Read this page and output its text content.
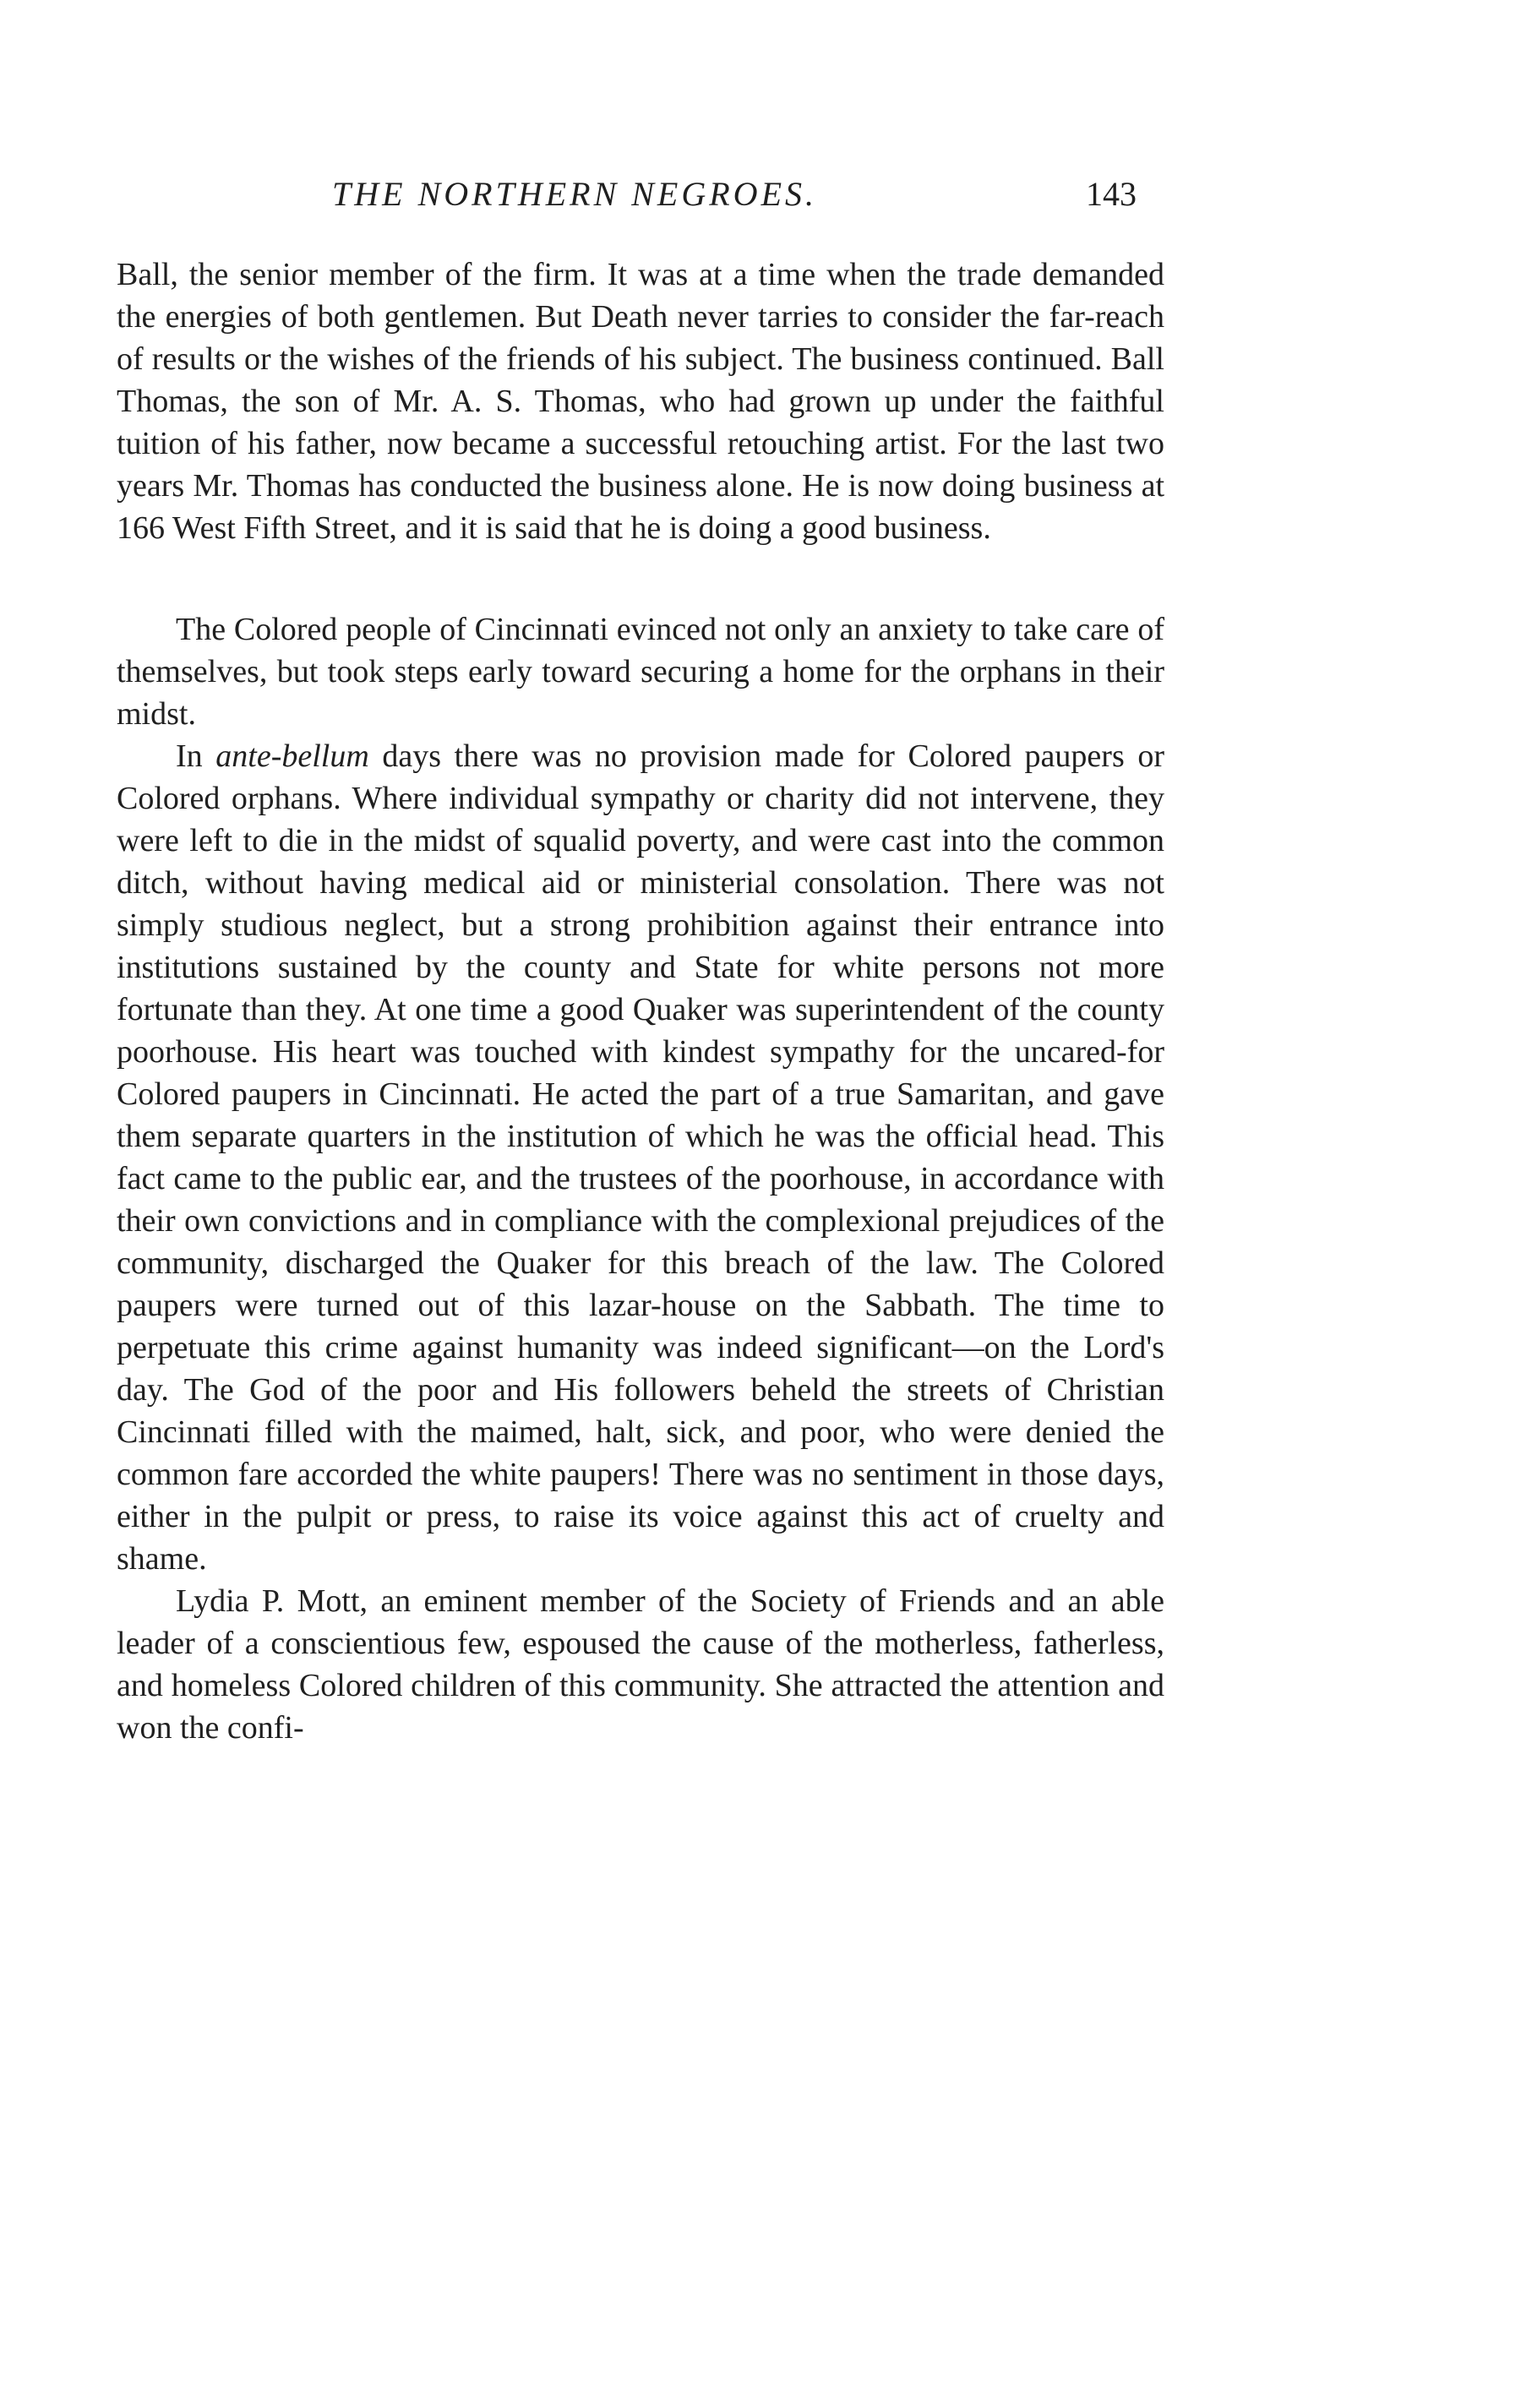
THE NORTHERN NEGROES.	143

Ball, the senior member of the firm. It was at a time when the trade demanded the energies of both gentlemen. But Death never tarries to consider the far-reach of results or the wishes of the friends of his subject. The business continued. Ball Thomas, the son of Mr. A. S. Thomas, who had grown up under the faithful tuition of his father, now became a successful retouching artist. For the last two years Mr. Thomas has conducted the business alone. He is now doing business at 166 West Fifth Street, and it is said that he is doing a good business.

The Colored people of Cincinnati evinced not only an anxiety to take care of themselves, but took steps early toward securing a home for the orphans in their midst.

In ante-bellum days there was no provision made for Colored paupers or Colored orphans. Where individual sympathy or charity did not intervene, they were left to die in the midst of squalid poverty, and were cast into the common ditch, without having medical aid or ministerial consolation. There was not simply studious neglect, but a strong prohibition against their entrance into institutions sustained by the county and State for white persons not more fortunate than they. At one time a good Quaker was superintendent of the county poorhouse. His heart was touched with kindest sympathy for the uncared-for Colored paupers in Cincinnati. He acted the part of a true Samaritan, and gave them separate quarters in the institution of which he was the official head. This fact came to the public ear, and the trustees of the poorhouse, in accordance with their own convictions and in compliance with the complexional prejudices of the community, discharged the Quaker for this breach of the law. The Colored paupers were turned out of this lazar-house on the Sabbath. The time to perpetuate this crime against humanity was indeed significant—on the Lord's day. The God of the poor and His followers beheld the streets of Christian Cincinnati filled with the maimed, halt, sick, and poor, who were denied the common fare accorded the white paupers! There was no sentiment in those days, either in the pulpit or press, to raise its voice against this act of cruelty and shame.

Lydia P. Mott, an eminent member of the Society of Friends and an able leader of a conscientious few, espoused the cause of the motherless, fatherless, and homeless Colored children of this community. She attracted the attention and won the confi-
